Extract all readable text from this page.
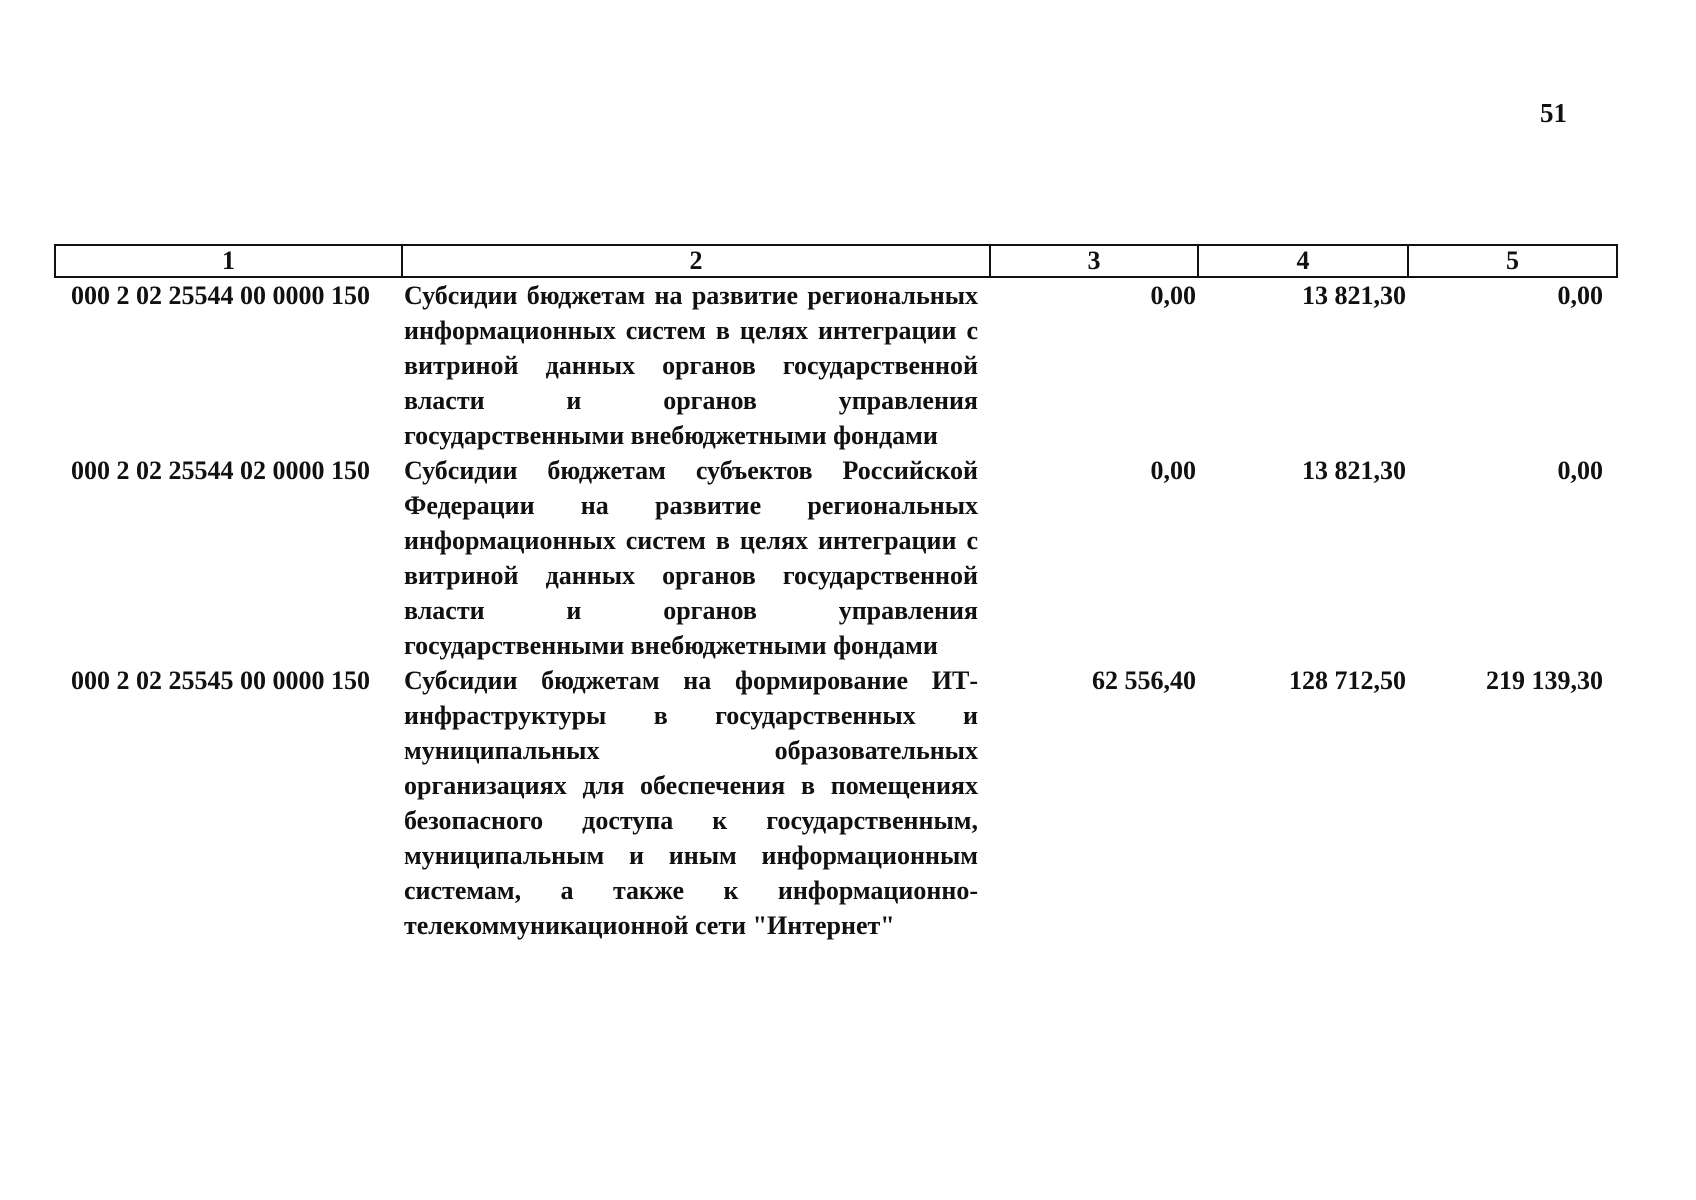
51
1	2	3	4	5
000 2 02 25544 00 0000 150	Субсидии бюджетам на развитие региональных информационных систем в целях интеграции с витриной данных органов государственной власти и органов управления государственными внебюджетными фондами	0,00	13 821,30	0,00
000 2 02 25544 02 0000 150	Субсидии бюджетам субъектов Российской Федерации на развитие региональных информационных систем в целях интеграции с витриной данных органов государственной власти и органов управления государственными внебюджетными фондами	0,00	13 821,30	0,00
000 2 02 25545 00 0000 150	Субсидии бюджетам на формирование ИТ-инфраструктуры в государственных и муниципальных образовательных организациях для обеспечения в помещениях безопасного доступа к государственным, муниципальным и иным информационным системам, а также к информационно-телекоммуникационной сети "Интернет"	62 556,40	128 712,50	219 139,30
